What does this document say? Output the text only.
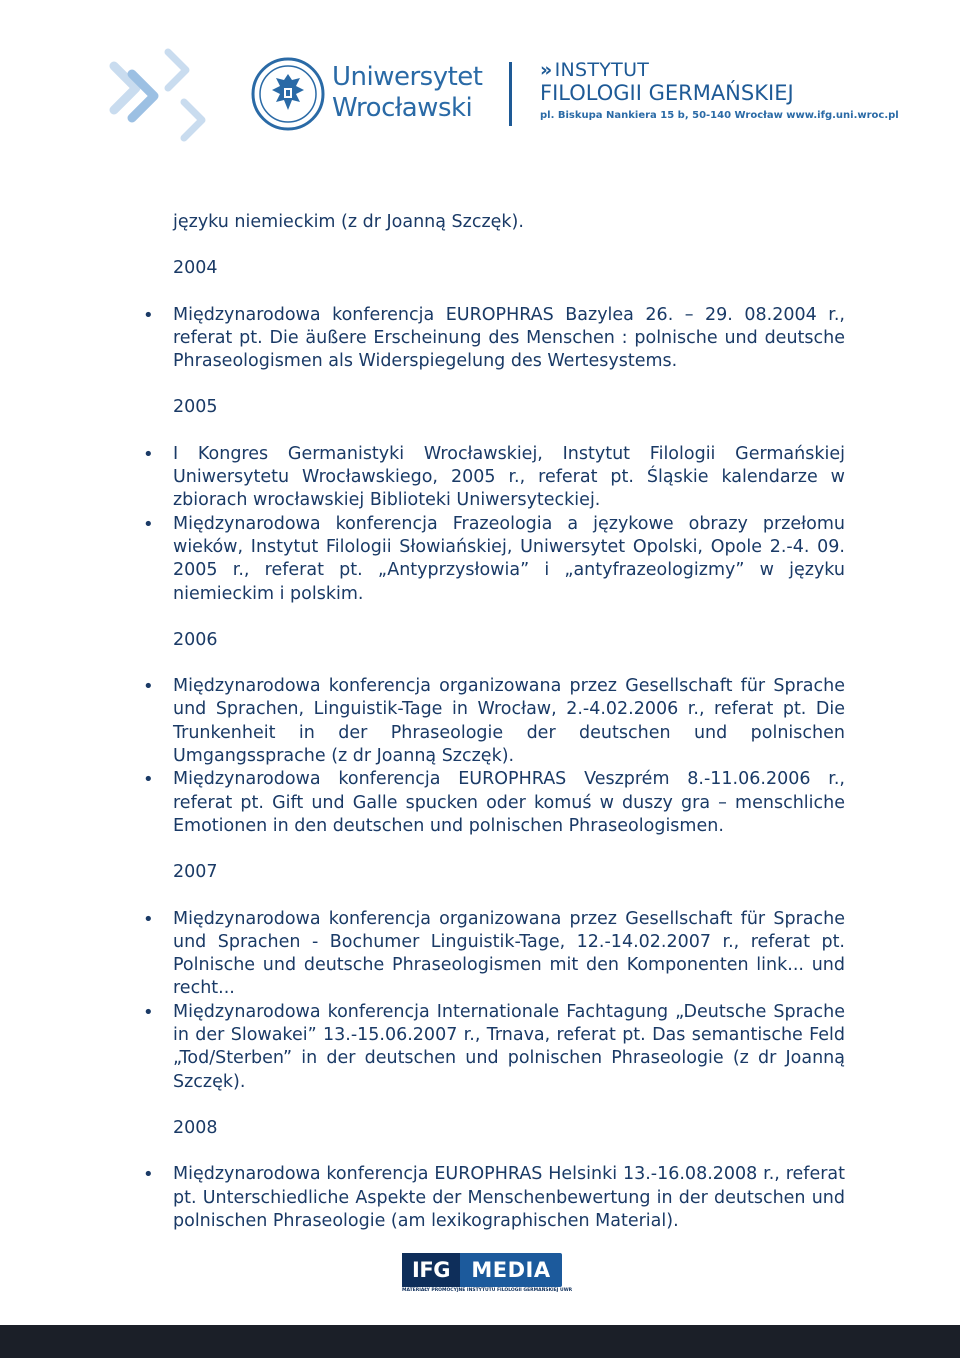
Uniwersytet
Wrocławski
» INSTYTUT
FILOLOGII GERMAŃSKIEJ
pl. Biskupa Nankiera 15 b, 50-140 Wrocław www.ifg.uni.wroc.pl

języku niemieckim (z dr Joanną Szczęk).

2004

• Międzynarodowa konferencja EUROPHRAS Bazylea 26. – 29. 08.2004 r., referat pt. Die äußere Erscheinung des Menschen : polnische und deutsche Phraseologismen als Widerspiegelung des Wertesystems.

2005

• I Kongres Germanistyki Wrocławskiej, Instytut Filologii Germańskiej Uniwersytetu Wrocławskiego, 2005 r., referat pt. Śląskie kalendarze w zbiorach wrocławskiej Biblioteki Uniwersyteckiej.
• Międzynarodowa konferencja Frazeologia a językowe obrazy przełomu wieków, Instytut Filologii Słowiańskiej, Uniwersytet Opolski, Opole 2.-4. 09. 2005 r., referat pt. „Antyprzysłowia” i „antyfrazeologizmy” w języku niemieckim i polskim.

2006

• Międzynarodowa konferencja organizowana przez Gesellschaft für Sprache und Sprachen, Linguistik-Tage in Wrocław, 2.-4.02.2006 r., referat pt. Die Trunkenheit in der Phraseologie der deutschen und polnischen Umgangssprache (z dr Joanną Szczęk).
• Międzynarodowa konferencja EUROPHRAS Veszprém 8.-11.06.2006 r., referat pt. Gift und Galle spucken oder komuś w duszy gra – menschliche Emotionen in den deutschen und polnischen Phraseologismen.

2007

• Międzynarodowa konferencja organizowana przez Gesellschaft für Sprache und Sprachen - Bochumer Linguistik-Tage, 12.-14.02.2007 r., referat pt. Polnische und deutsche Phraseologismen mit den Komponenten link... und recht...
• Międzynarodowa konferencja Internationale Fachtagung „Deutsche Sprache in der Slowakei” 13.-15.06.2007 r., Trnava, referat pt. Das semantische Feld „Tod/Sterben” in der deutschen und polnischen Phraseologie (z dr Joanną Szczęk).

2008

• Międzynarodowa konferencja EUROPHRAS Helsinki 13.-16.08.2008 r., referat pt. Unterschiedliche Aspekte der Menschenbewertung in der deutschen und polnischen Phraseologie (am lexikographischen Material).
IFG	MEDIA
MATERIAŁY PROMOCYJNE INSTYTUTU FILOLOGII GERMAŃSKIEJ UWR
